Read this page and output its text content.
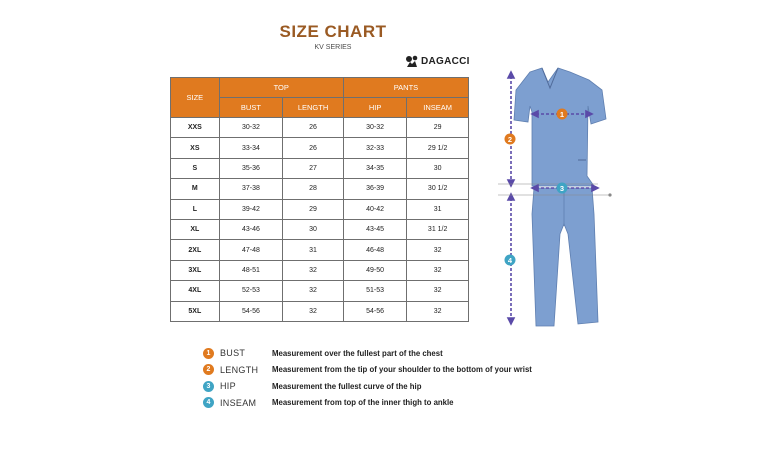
SIZE CHART
KV SERIES
DAGACCI
SIZE	TOP		PANTS	
	BUST	LENGTH	HIP	INSEAM
XXS	30-32	26	30-32	29
XS	33-34	26	32-33	29 1/2
S	35-36	27	34-35	30
M	37-38	28	36-39	30 1/2
L	39-42	29	40-42	31
XL	43-46	30	43-45	31 1/2
2XL	47-48	31	46-48	32
3XL	48-51	32	49-50	32
4XL	52-53	32	51-53	32
5XL	54-56	32	54-56	32
1
2
3
4
1	BUST	Measurement over the fullest part of the chest
2	LENGTH	Measurement from the tip of your shoulder to the bottom of your wrist
3	HIP	Measurement the fullest curve of the hip
4	INSEAM	Measurement from top of the inner thigh to ankle
